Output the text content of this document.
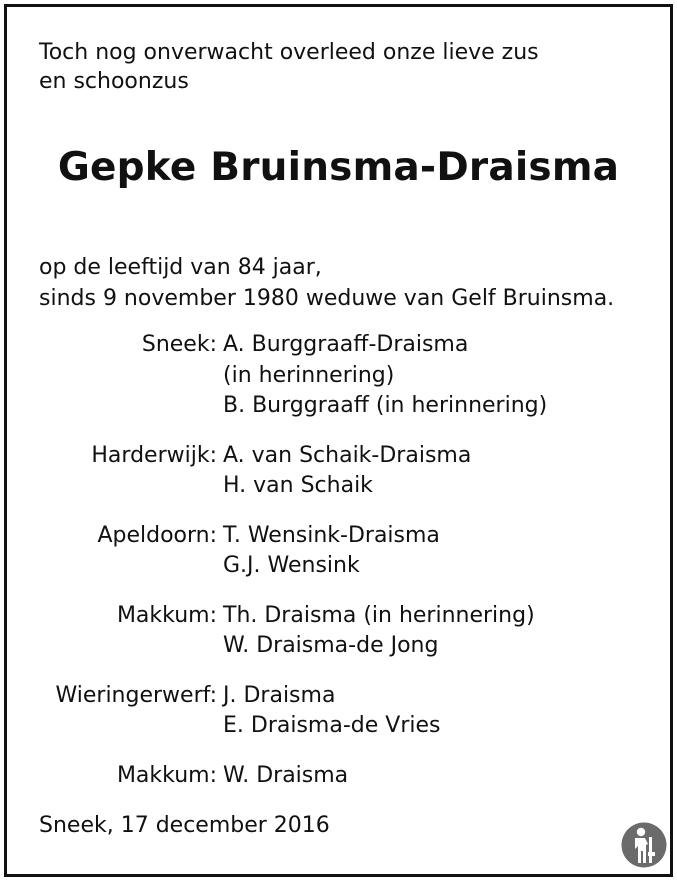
Toch nog onverwacht overleed onze lieve zus
en schoonzus
Gepke Bruinsma-Draisma
op de leeftijd van 84 jaar,
sinds 9 november 1980 weduwe van Gelf Bruinsma.
Sneek: A. Burggraaff-Draisma
(in herinnering)
B. Burggraaff (in herinnering)
Harderwijk: A. van Schaik-Draisma
H. van Schaik
Apeldoorn: T. Wensink-Draisma
G.J. Wensink
Makkum: Th. Draisma (in herinnering)
W. Draisma-de Jong
Wieringerwerf: J. Draisma
E. Draisma-de Vries
Makkum: W. Draisma
Sneek, 17 december 2016
